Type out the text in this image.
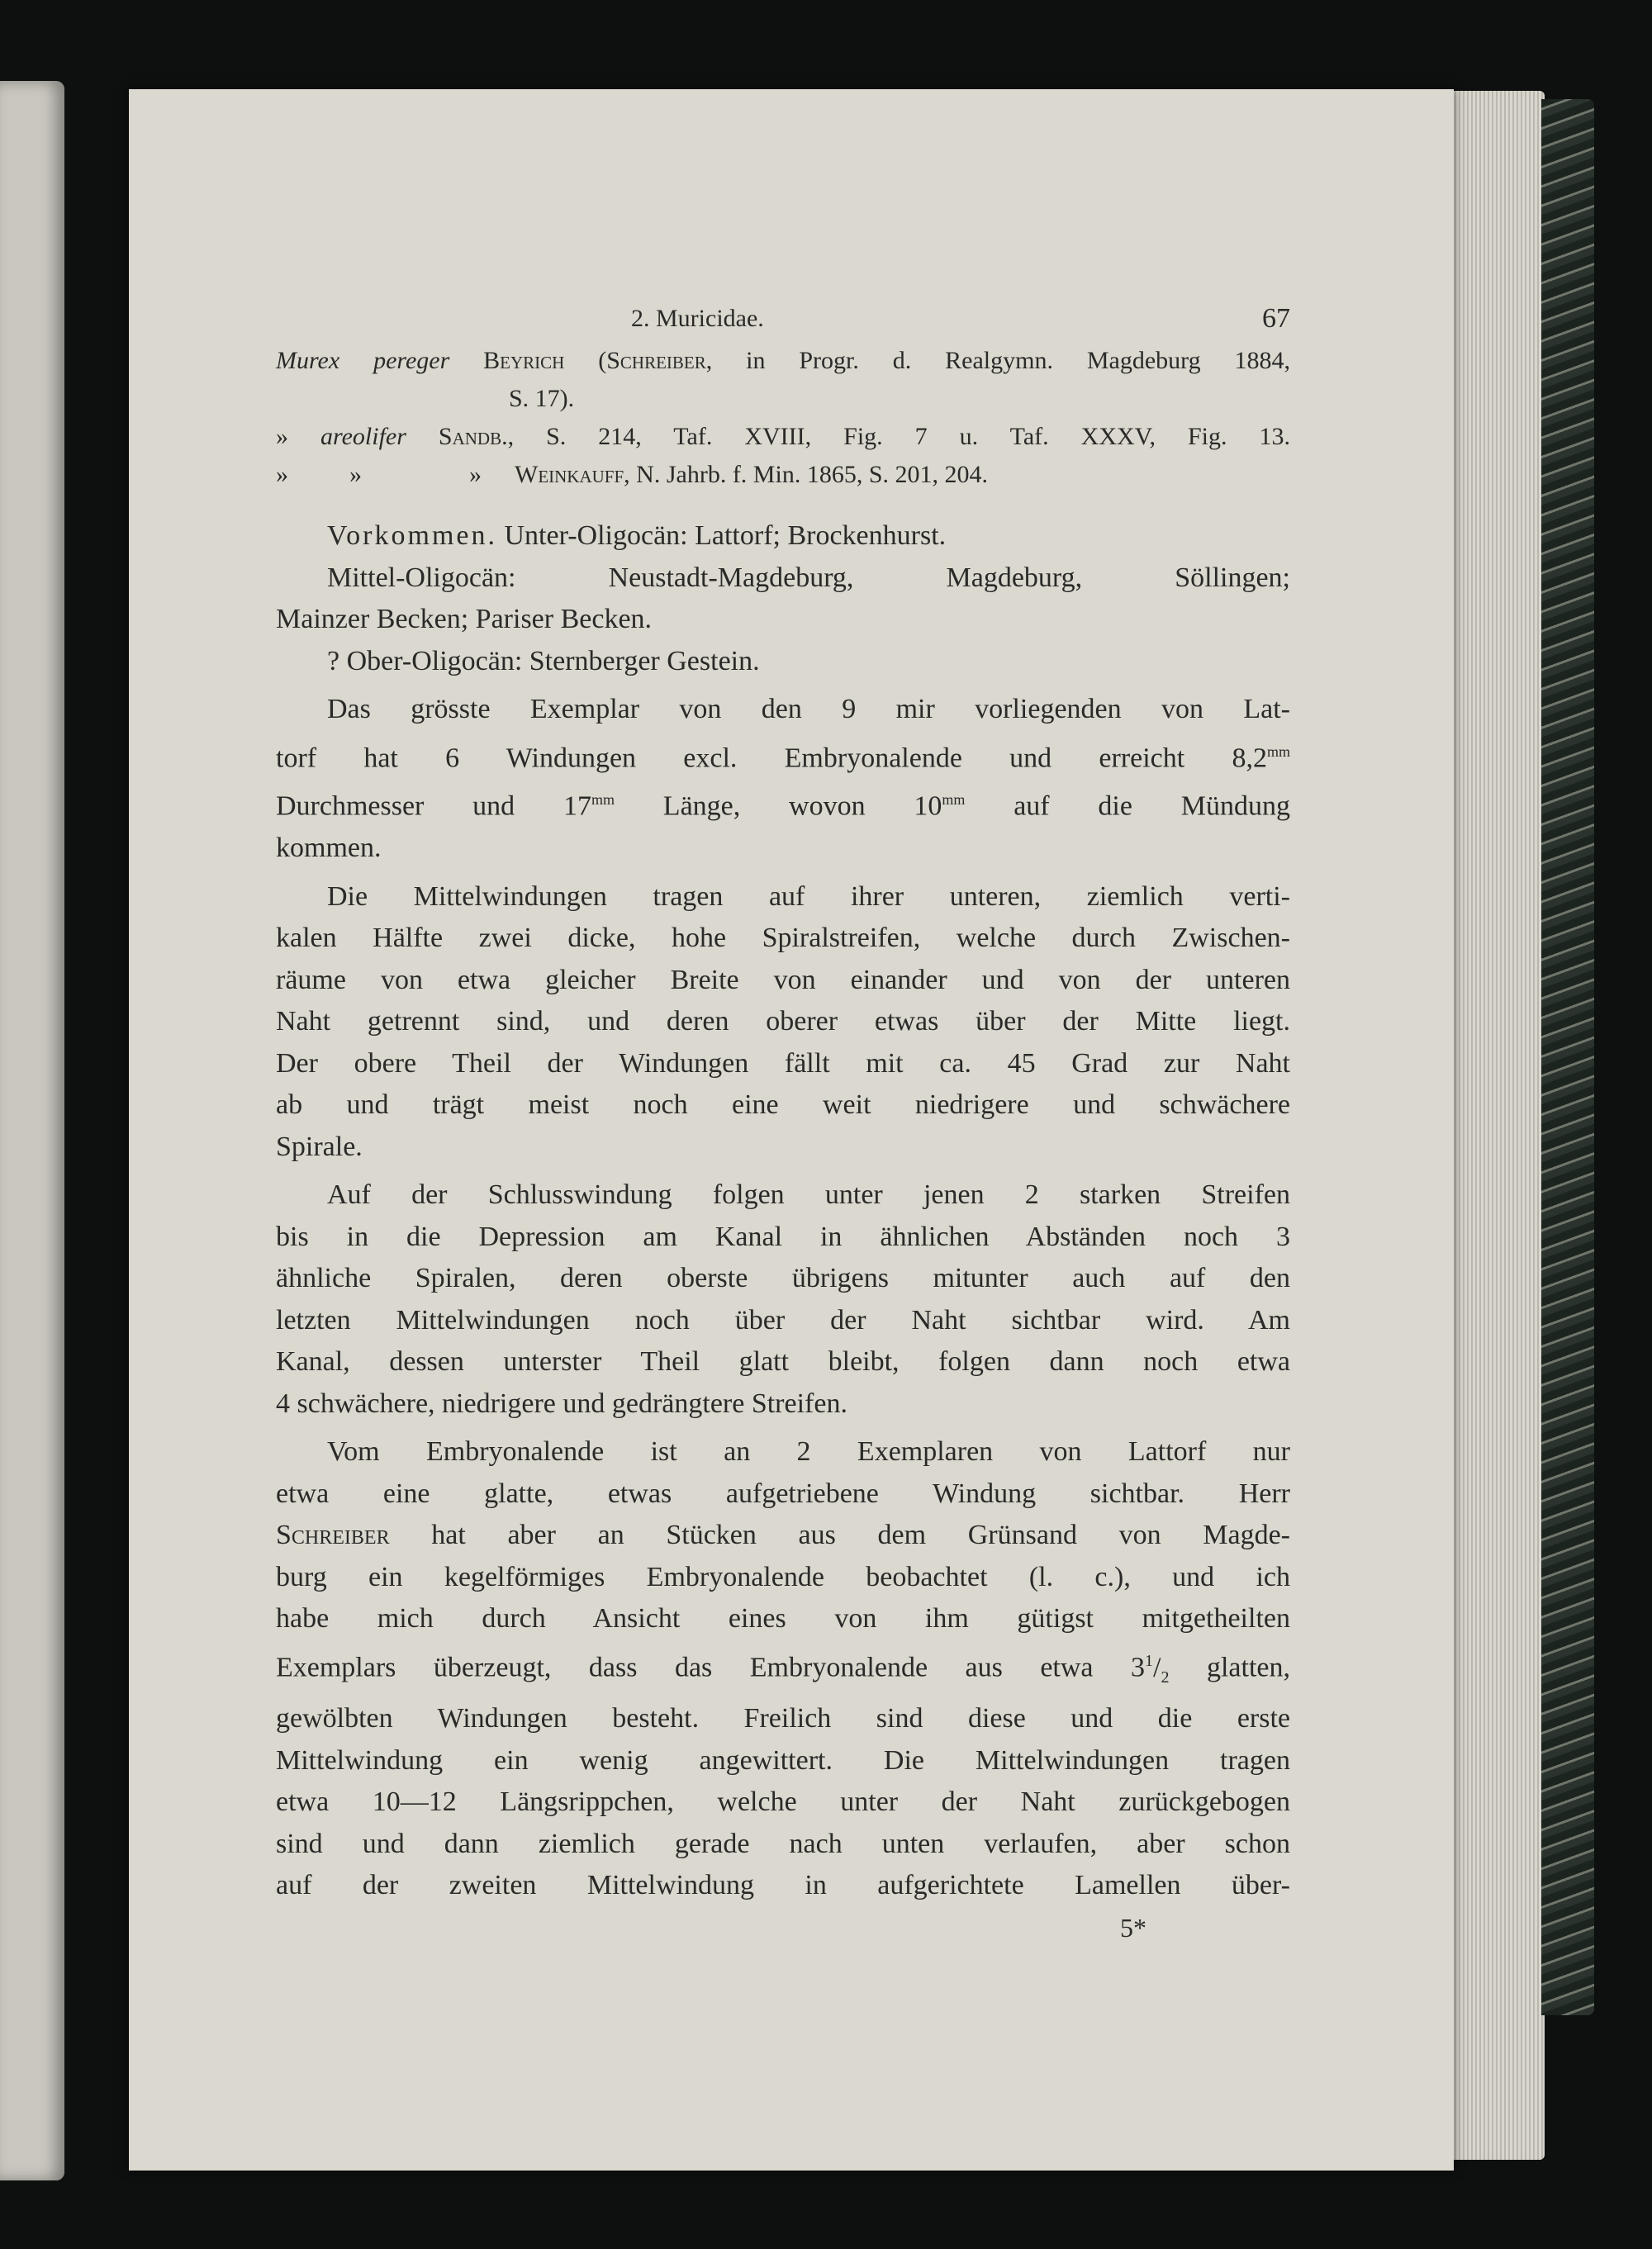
2. Muricidae.	67

Murex pereger Beyrich (Schreiber, in Progr. d. Realgymn. Magdeburg 1884,

S. 17).

» areolifer Sandb., S. 214, Taf. XVIII, Fig. 7 u. Taf. XXXV, Fig. 13.

» »	» Weinkauff, N. Jahrb. f. Min. 1865, S. 201, 204.

Vorkommen. Unter-Oligocän: Lattorf; Brockenhurst.

Mittel-Oligocän: Neustadt-Magdeburg, Magdeburg, Söllingen;

Mainzer Becken; Pariser Becken.

? Ober-Oligocän: Sternberger Gestein.

Das grösste Exemplar von den 9 mir vorliegenden von Lat-

torf hat 6 Windungen excl. Embryonalende und erreicht $8,2^{mm}$

Durchmesser und $17^{mm}$ Länge, wovon $10^{mm}$ auf die Mündung

kommen.

Die Mittelwindungen tragen auf ihrer unteren, ziemlich verti-

kalen Hälfte zwei dicke, hohe Spiralstreifen, welche durch Zwischen-

räume von etwa gleicher Breite von einander und von der unteren

Naht getrennt sind, und deren oberer etwas über der Mitte liegt.

Der obere Theil der Windungen fällt mit ca. 45 Grad zur Naht

ab und trägt meist noch eine weit niedrigere und schwächere

Spirale.

Auf der Schlusswindung folgen unter jenen 2 starken Streifen

bis in die Depression am Kanal in ähnlichen Abständen noch 3

ähnliche Spiralen, deren oberste übrigens mitunter auch auf den

letzten Mittelwindungen noch über der Naht sichtbar wird. Am

Kanal, dessen unterster Theil glatt bleibt, folgen dann noch etwa

4 schwächere, niedrigere und gedrängtere Streifen.

Vom Embryonalende ist an 2 Exemplaren von Lattorf nur

etwa eine glatte, etwas aufgetriebene Windung sichtbar. Herr

Schreiber hat aber an Stücken aus dem Grünsand von Magde-

burg ein kegelförmiges Embryonalende beobachtet (l. c.), und ich

habe mich durch Ansicht eines von ihm gütigst mitgetheilten

Exemplars überzeugt, dass das Embryonalende aus etwa $3^1/_2$ glatten,

gewölbten Windungen besteht. Freilich sind diese und die erste

Mittelwindung ein wenig angewittert. Die Mittelwindungen tragen

etwa 10—12 Längsrippchen, welche unter der Naht zurückgebogen

sind und dann ziemlich gerade nach unten verlaufen, aber schon

auf der zweiten Mittelwindung in aufgerichtete Lamellen über-

5*
